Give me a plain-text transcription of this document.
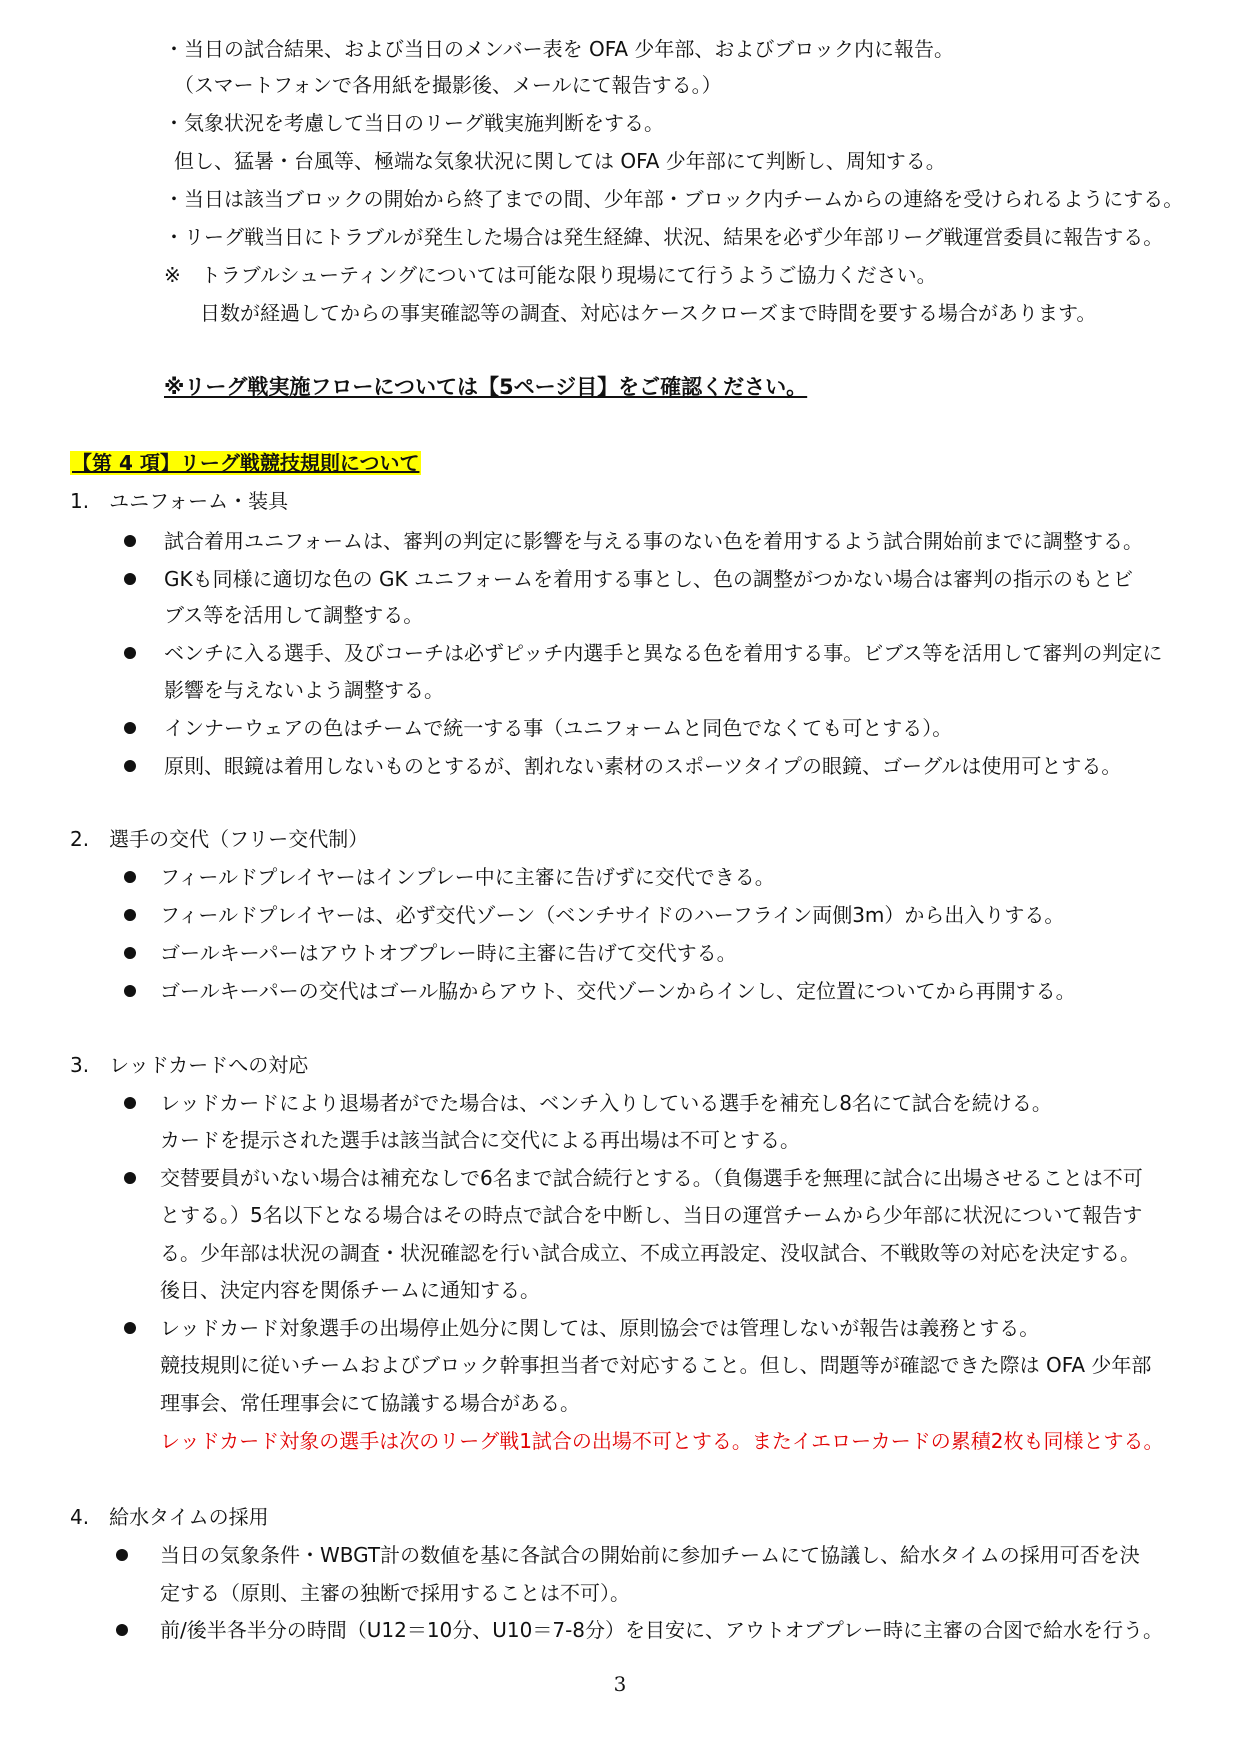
・当日の試合結果、および当日のメンバー表を OFA 少年部、およびブロック内に報告。
（スマートフォンで各用紙を撮影後、メールにて報告する。）
・気象状況を考慮して当日のリーグ戦実施判断をする。
但し、猛暑・台風等、極端な気象状況に関しては OFA 少年部にて判断し、周知する。
・当日は該当ブロックの開始から終了までの間、少年部・ブロック内チームからの連絡を受けられるようにする。
・リーグ戦当日にトラブルが発生した場合は発生経緯、状況、結果を必ず少年部リーグ戦運営委員に報告する。
※　トラブルシューティングについては可能な限り現場にて行うようご協力ください。
日数が経過してからの事実確認等の調査、対応はケースクローズまで時間を要する場合があります。
※リーグ戦実施フローについては【5ページ目】をご確認ください。
【第 4 項】リーグ戦競技規則について
1.　ユニフォーム・装具
試合着用ユニフォームは、審判の判定に影響を与える事のない色を着用するよう試合開始前までに調整する。
GKも同様に適切な色の GK ユニフォームを着用する事とし、色の調整がつかない場合は審判の指示のもとビ
ブス等を活用して調整する。
ベンチに入る選手、及びコーチは必ずピッチ内選手と異なる色を着用する事。ビブス等を活用して審判の判定に
影響を与えないよう調整する。
インナーウェアの色はチームで統一する事（ユニフォームと同色でなくても可とする）。
原則、眼鏡は着用しないものとするが、割れない素材のスポーツタイプの眼鏡、ゴーグルは使用可とする。
2.　選手の交代（フリー交代制）
フィールドプレイヤーはインプレー中に主審に告げずに交代できる。
フィールドプレイヤーは、必ず交代ゾーン（ベンチサイドのハーフライン両側3m）から出入りする。
ゴールキーパーはアウトオブプレー時に主審に告げて交代する。
ゴールキーパーの交代はゴール脇からアウト、交代ゾーンからインし、定位置についてから再開する。
3.　レッドカードへの対応
レッドカードにより退場者がでた場合は、ベンチ入りしている選手を補充し8名にて試合を続ける。
カードを提示された選手は該当試合に交代による再出場は不可とする。
交替要員がいない場合は補充なしで6名まで試合続行とする。（負傷選手を無理に試合に出場させることは不可
とする。）5名以下となる場合はその時点で試合を中断し、当日の運営チームから少年部に状況について報告す
る。少年部は状況の調査・状況確認を行い試合成立、不成立再設定、没収試合、不戦敗等の対応を決定する。
後日、決定内容を関係チームに通知する。
レッドカード対象選手の出場停止処分に関しては、原則協会では管理しないが報告は義務とする。
競技規則に従いチームおよびブロック幹事担当者で対応すること。但し、問題等が確認できた際は OFA 少年部
理事会、常任理事会にて協議する場合がある。
レッドカード対象の選手は次のリーグ戦1試合の出場不可とする。またイエローカードの累積2枚も同様とする。
4.　給水タイムの採用
当日の気象条件・WBGT計の数値を基に各試合の開始前に参加チームにて協議し、給水タイムの採用可否を決
定する（原則、主審の独断で採用することは不可）。
前/後半各半分の時間（U12＝10分、U10＝7-8分）を目安に、アウトオブプレー時に主審の合図で給水を行う。
3
